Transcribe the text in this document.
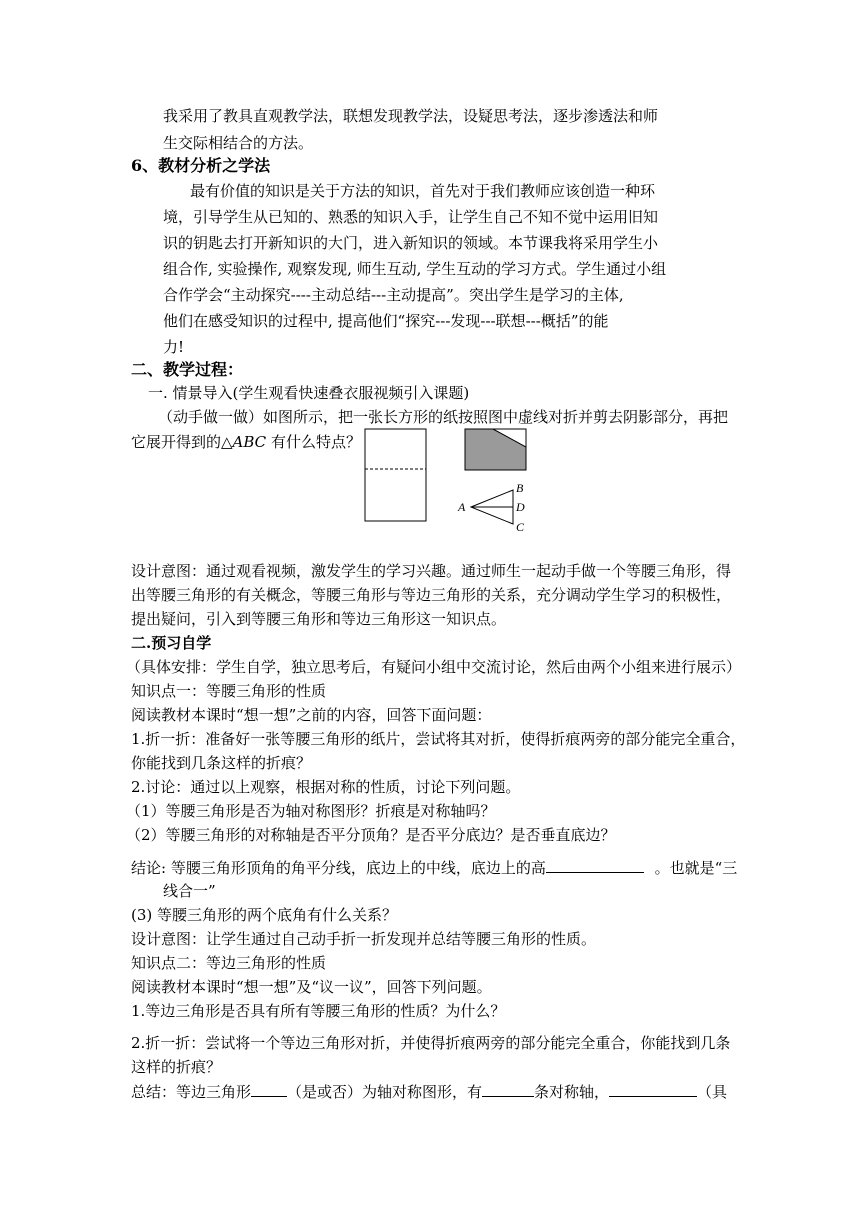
我采用了教具直观教学法，联想发现教学法，设疑思考法，逐步渗透法和师
生交际相结合的方法。
6、教材分析之学法
最有价值的知识是关于方法的知识，首先对于我们教师应该创造一种环
境，引导学生从已知的、熟悉的知识入手，让学生自己不知不觉中运用旧知
识的钥匙去打开新知识的大门，进入新知识的领域。本节课我将采用学生小
组合作, 实验操作, 观察发现, 师生互动, 学生互动的学习方式。学生通过小组
合作学会“主动探究----主动总结---主动提高”。突出学生是学习的主体,
他们在感受知识的过程中, 提高他们“探究---发现---联想---概括”的能
力!
二、教学过程：
一. 情景导入(学生观看快速叠衣服视频引入课题)
（动手做一做）如图所示，把一张长方形的纸按照图中虚线对折并剪去阴影部分，再把
它展开得到的△ABC 有什么特点？
A
B
D
C
设计意图：通过观看视频，激发学生的学习兴趣。通过师生一起动手做一个等腰三角形，得
出等腰三角形的有关概念，等腰三角形与等边三角形的关系，充分调动学生学习的积极性，
提出疑问，引入到等腰三角形和等边三角形这一知识点。
二.预习自学
（具体安排：学生自学，独立思考后，有疑问小组中交流讨论，然后由两个小组来进行展示）
知识点一：等腰三角形的性质
阅读教材本课时“想一想”之前的内容，回答下面问题：
1.折一折：准备好一张等腰三角形的纸片，尝试将其对折，使得折痕两旁的部分能完全重合，
你能找到几条这样的折痕？
2.讨论：通过以上观察，根据对称的性质，讨论下列问题。
（1）等腰三角形是否为轴对称图形？折痕是对称轴吗？
（2）等腰三角形的对称轴是否平分顶角？是否平分底边？是否垂直底边？
结论: 等腰三角形顶角的角平分线，底边上的中线，底边上的高	。也就是“三
线合一”
(3) 等腰三角形的两个底角有什么关系？
设计意图：让学生通过自己动手折一折发现并总结等腰三角形的性质。
知识点二：等边三角形的性质
阅读教材本课时“想一想”及“议一议”，回答下列问题。
1.等边三角形是否具有所有等腰三角形的性质？为什么？
2.折一折：尝试将一个等边三角形对折，并使得折痕两旁的部分能完全重合，你能找到几条
这样的折痕？
总结：等边三角形 （是或否）为轴对称图形，有	条对称轴，	（具
